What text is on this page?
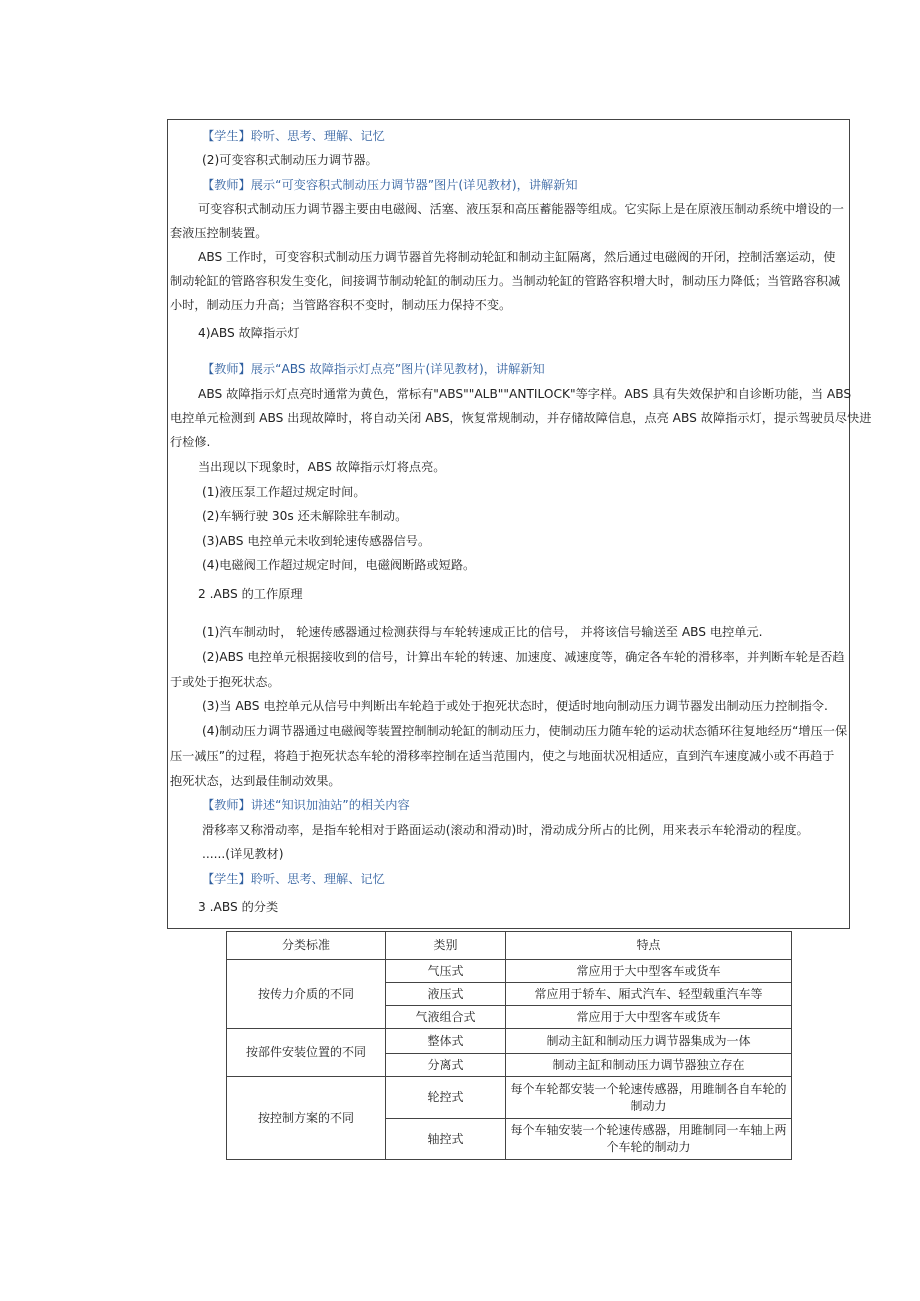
【学生】聆听、思考、理解、记忆
(2)可变容积式制动压力调节器。
【教师】展示“可变容积式制动压力调节器”图片(详见教材)，讲解新知
可变容积式制动压力调节器主要由电磁阀、活塞、液压泵和高压蓄能器等组成。它实际上是在原液压制动系统中增设的一
套液压控制装置。
ABS 工作时，可变容积式制动压力调节器首先将制动轮缸和制动主缸隔离，然后通过电磁阀的开闭，控制活塞运动，使
制动轮缸的管路容积发生变化，间接调节制动轮缸的制动压力。当制动轮缸的管路容积增大时，制动压力降低；当管路容积减
小时，制动压力升高；当管路容积不变时，制动压力保持不变。
4)ABS 故障指示灯
【教师】展示“ABS 故障指示灯点亮”图片(详见教材)，讲解新知
ABS 故障指示灯点亮时通常为黄色，常标有"ABS""ALB""ANTILOCK"等字样。ABS 具有失效保护和自诊断功能，当 ABS
电控单元检测到 ABS 出现故障时，将自动关闭 ABS，恢复常规制动，并存储故障信息，点亮 ABS 故障指示灯，提示驾驶员尽快进
行检修.
当出现以下现象时，ABS 故障指示灯将点亮。
(1)液压泵工作超过规定时间。
(2)车辆行驶 30s 还未解除驻车制动。
(3)ABS 电控单元未收到轮速传感器信号。
(4)电磁阀工作超过规定时间，电磁阀断路或短路。
2 .ABS 的工作原理
(1)汽车制动时， 轮速传感器通过检测获得与车轮转速成正比的信号， 并将该信号输送至 ABS 电控单元.
(2)ABS 电控单元根据接收到的信号，计算出车轮的转速、加速度、减速度等，确定各车轮的滑移率，并判断车轮是否趋
于或处于抱死状态。
(3)当 ABS 电控单元从信号中判断出车轮趋于或处于抱死状态时，便适时地向制动压力调节器发出制动压力控制指令.
(4)制动压力调节器通过电磁阀等装置控制制动轮缸的制动压力，使制动压力随车轮的运动状态循环往复地经历“增压一保
压一减压”的过程，将趋于抱死状态车轮的滑移率控制在适当范围内，使之与地面状况相适应，直到汽车速度减小或不再趋于
抱死状态，达到最佳制动效果。
【教师】讲述“知识加油站”的相关内容
滑移率又称滑动率，是指车轮相对于路面运动(滚动和滑动)时，滑动成分所占的比例，用来表示车轮滑动的程度。
......(详见教材)
【学生】聆听、思考、理解、记忆
3 .ABS 的分类
分类标准	类别	特点
按传力介质的不同	气压式	常应用于大中型客车或货车
	液压式	常应用于轿车、厢式汽车、轻型载重汽车等
	气液组合式	常应用于大中型客车或货车
按部件安装位置的不同	整体式	制动主缸和制动压力调节器集成为一体
	分离式	制动主缸和制动压力调节器独立存在
按控制方案的不同	轮控式	每个车轮都安装一个轮速传感器，用雎制各自车轮的制动力
	轴控式	每个车轴安装一个轮速传感器，用雎制同一车轴上两个车轮的制动力
